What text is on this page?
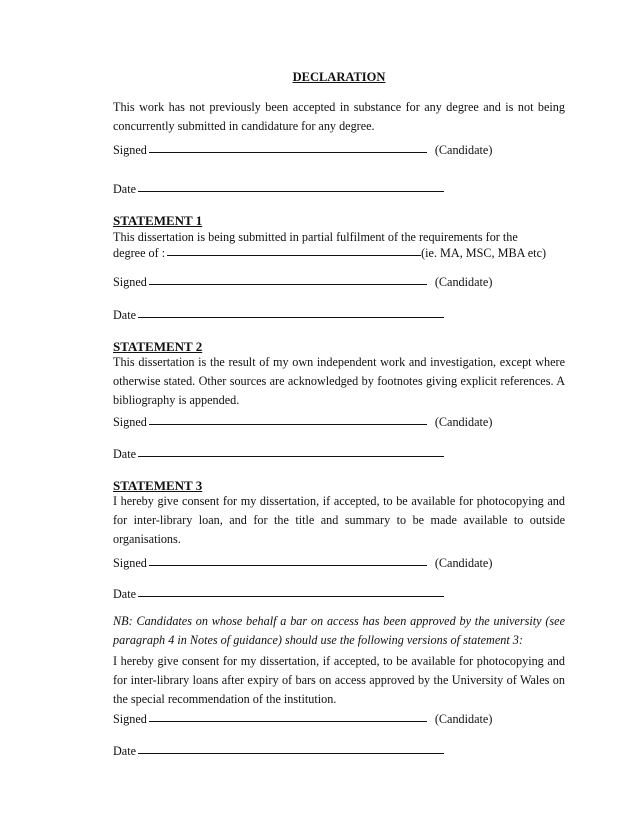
DECLARATION
This work has not previously been accepted in substance for any degree and is not being concurrently submitted in candidature for any degree.
Signed	(Candidate)
Date
STATEMENT 1
This dissertation is being submitted in partial fulfilment of the requirements for the
degree of :	(ie. MA, MSC, MBA etc)
Signed	(Candidate)
Date
STATEMENT 2
This dissertation is the result of my own independent work and investigation, except where otherwise stated. Other sources are acknowledged by footnotes giving explicit references. A bibliography is appended.
Signed	(Candidate)
Date
STATEMENT 3
I hereby give consent for my dissertation, if accepted, to be available for photocopying and for inter-library loan, and for the title and summary to be made available to outside organisations.
Signed	(Candidate)
Date
NB: Candidates on whose behalf a bar on access has been approved by the university (see paragraph 4 in Notes of guidance) should use the following versions of statement 3:
I hereby give consent for my dissertation, if accepted, to be available for photocopying and for inter-library loans after expiry of bars on access approved by the University of Wales on the special recommendation of the institution.
Signed	(Candidate)
Date
